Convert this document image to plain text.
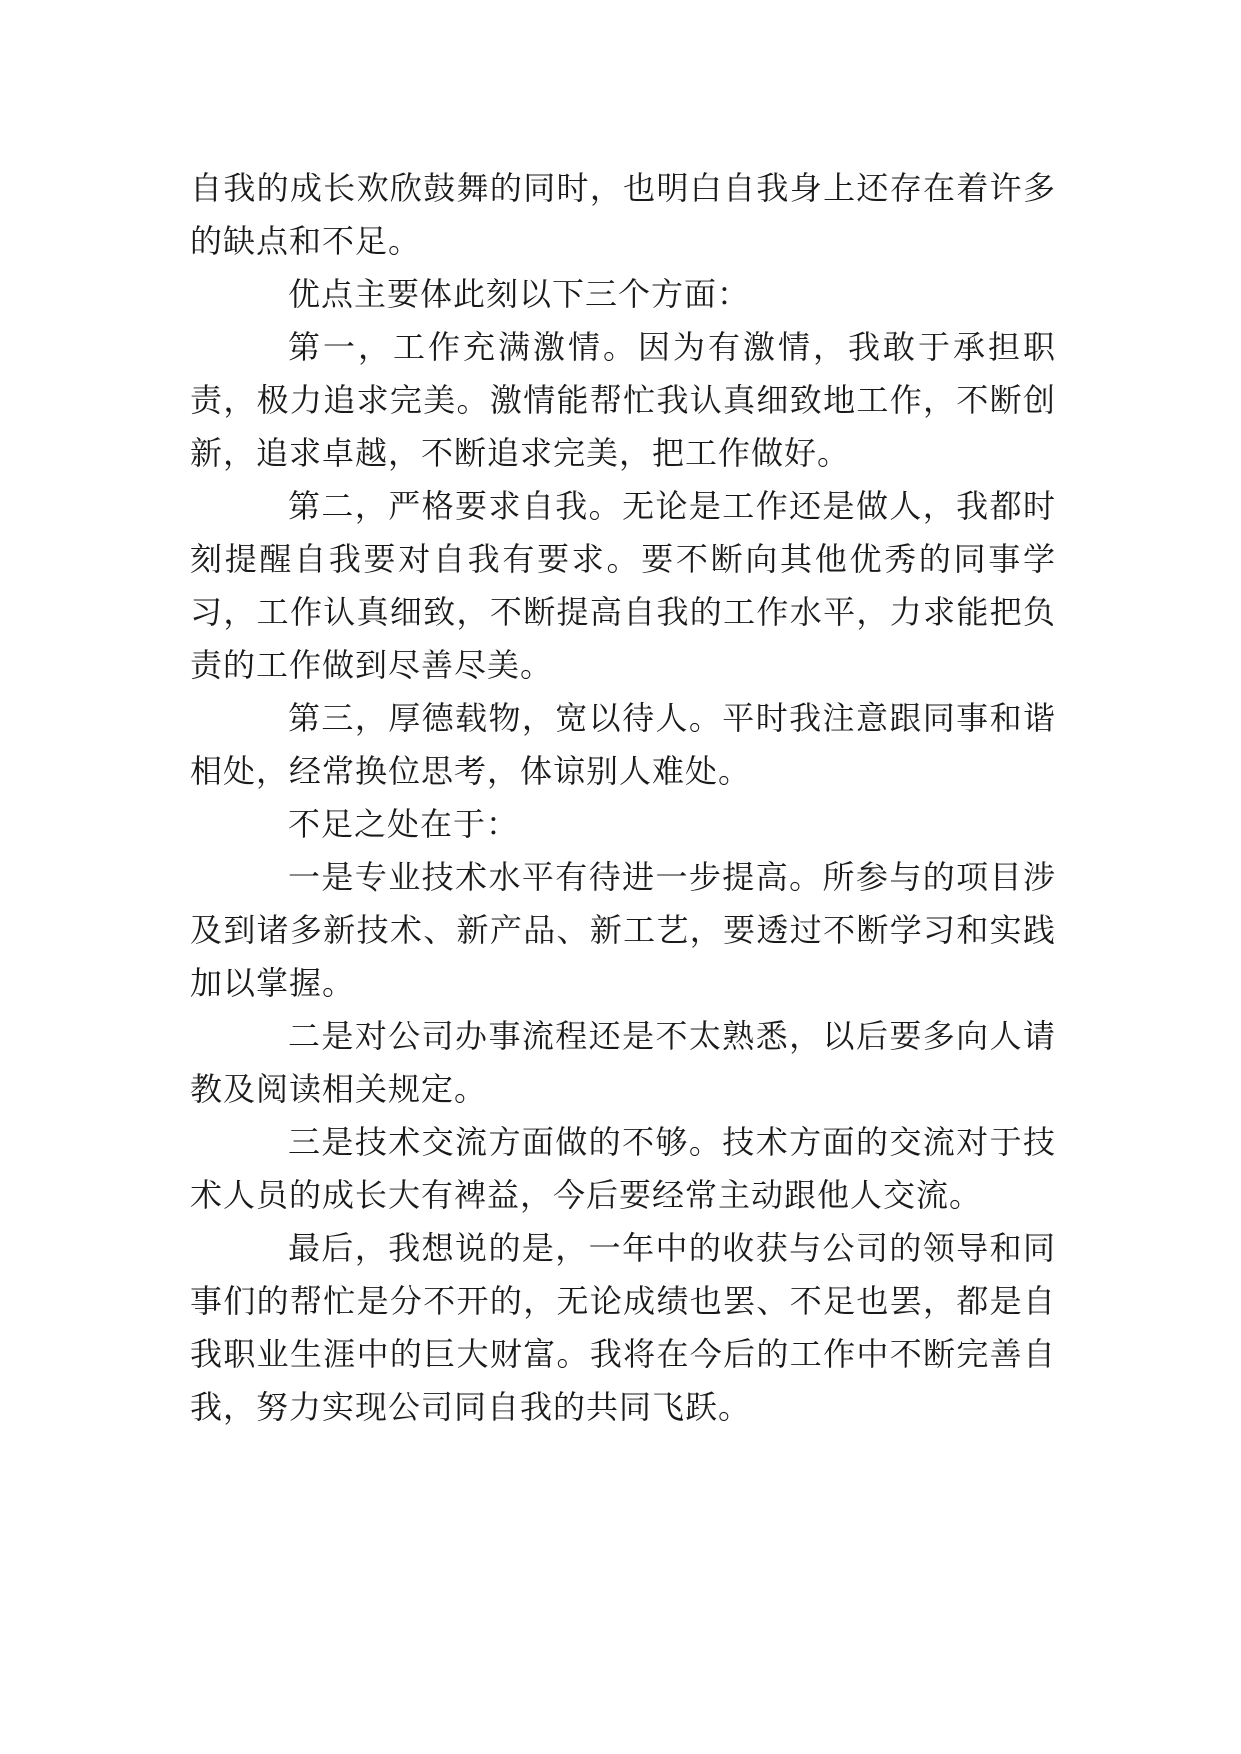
自我的成长欢欣鼓舞的同时，也明白自我身上还存在着许多的缺点和不足。

优点主要体此刻以下三个方面：

第一，工作充满激情。因为有激情，我敢于承担职责，极力追求完美。激情能帮忙我认真细致地工作，不断创新，追求卓越，不断追求完美，把工作做好。

第二，严格要求自我。无论是工作还是做人，我都时刻提醒自我要对自我有要求。要不断向其他优秀的同事学习，工作认真细致，不断提高自我的工作水平，力求能把负责的工作做到尽善尽美。

第三，厚德载物，宽以待人。平时我注意跟同事和谐相处，经常换位思考，体谅别人难处。

不足之处在于：

一是专业技术水平有待进一步提高。所参与的项目涉及到诸多新技术、新产品、新工艺，要透过不断学习和实践加以掌握。

二是对公司办事流程还是不太熟悉，以后要多向人请教及阅读相关规定。

三是技术交流方面做的不够。技术方面的交流对于技术人员的成长大有裨益，今后要经常主动跟他人交流。

最后，我想说的是，一年中的收获与公司的领导和同事们的帮忙是分不开的，无论成绩也罢、不足也罢，都是自我职业生涯中的巨大财富。我将在今后的工作中不断完善自我，努力实现公司同自我的共同飞跃。
